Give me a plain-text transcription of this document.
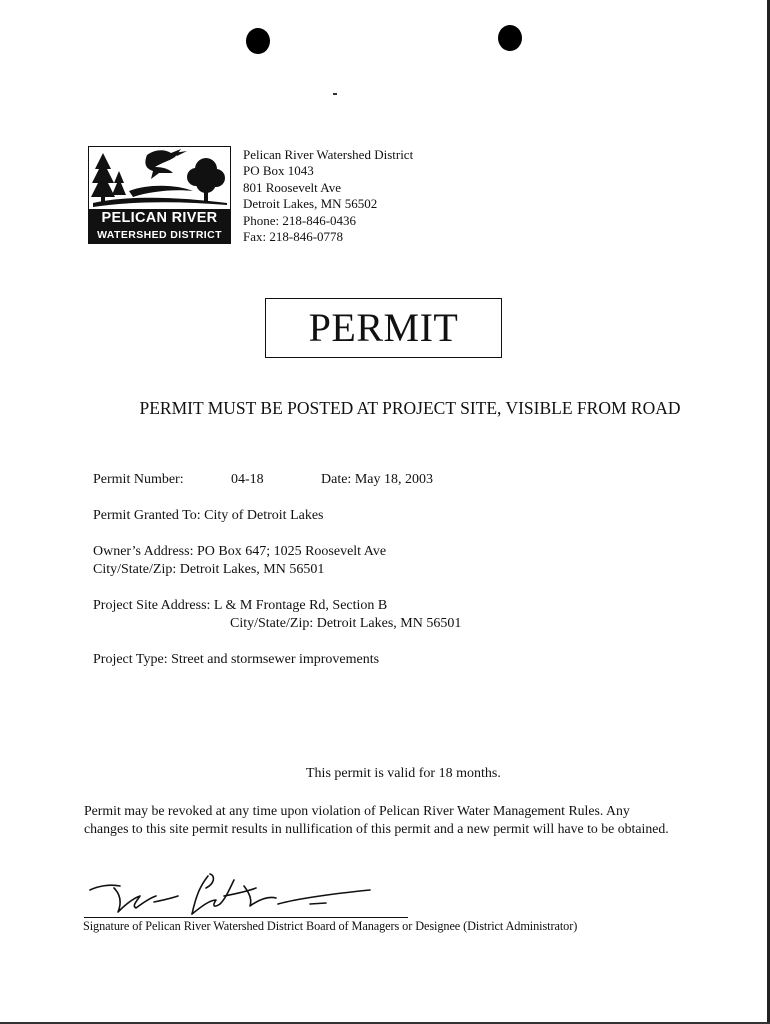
PELICAN RIVER
WATERSHED DISTRICT
Pelican River Watershed District
PO Box 1043
801 Roosevelt Ave
Detroit Lakes, MN 56502
Phone: 218-846-0436
Fax: 218-846-0778
PERMIT
PERMIT MUST BE POSTED AT PROJECT SITE, VISIBLE FROM ROAD
Permit Number:	04-18	Date: May 18, 2003
Permit Granted To: City of Detroit Lakes
Owner’s Address: PO Box 647; 1025 Roosevelt Ave
City/State/Zip: Detroit Lakes, MN 56501
Project Site Address: L & M Frontage Rd, Section B
City/State/Zip: Detroit Lakes, MN 56501
Project Type: Street and stormsewer improvements
This permit is valid for 18 months.
Permit may be revoked at any time upon violation of Pelican River Water Management Rules. Any
changes to this site permit results in nullification of this permit and a new permit will have to be obtained.
Signature of Pelican River Watershed District Board of Managers or Designee (District Administrator)
